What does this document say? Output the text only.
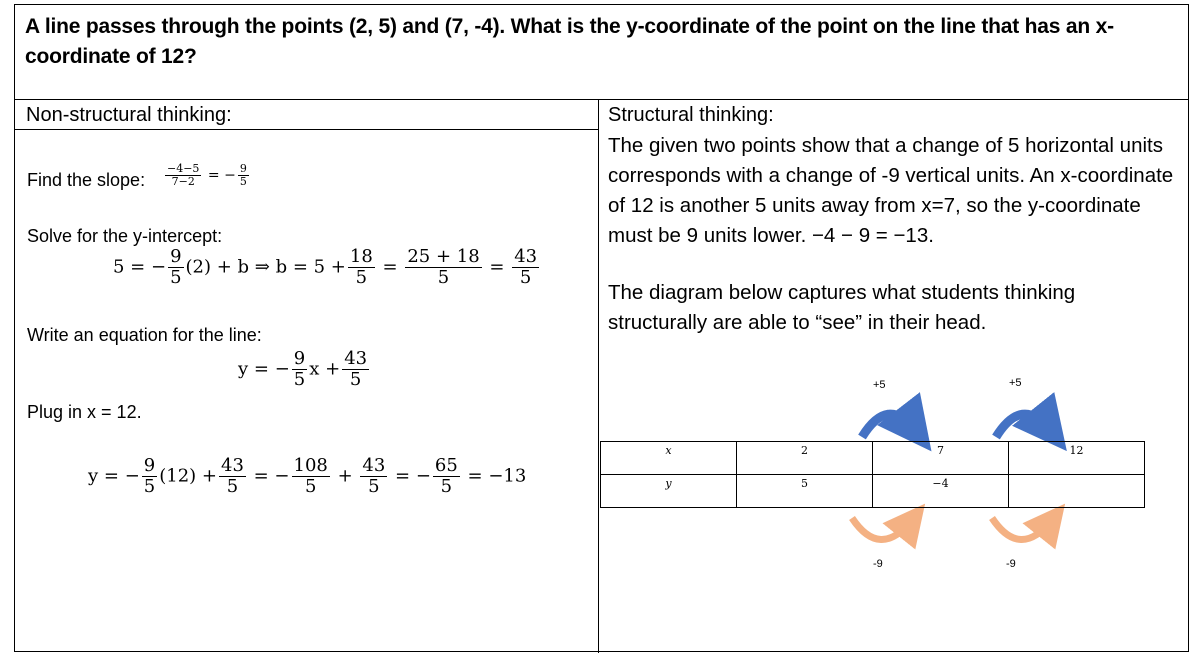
A line passes through the points (2, 5) and (7, -4). What is the y-coordinate of the point on the line that has an x-coordinate of 12?
Non-structural thinking:
Find the slope: $\frac{-4-5}{7-2}$ = − $\frac{9}{5}$
Solve for the y-intercept:
5 = − $\frac{9}{5} (2) + b$ ⇒ $b = 5 + \frac{18}{5} = \frac{25 + 18}{5} = \frac{43}{5}$
Write an equation for the line:
y = − $\frac{9}{5}$ $x + \frac{43}{5}$
Plug in x = 12.
y = − $\frac{9}{5} (12) + \frac{43}{5}$ = − $\frac{108}{5} + \frac{43}{5}$ = − $\frac{65}{5} = -13$
Structural thinking:
The given two points show that a change of 5 horizontal units corresponds with a change of -9 vertical units. An x-coordinate of 12 is another 5 units away from x=7, so the y-coordinate must be 9 units lower. −4 − 9 = −13.
The diagram below captures what students thinking structurally are able to “see” in their head.
+5	+5
-9	-9
x	2	7	12
y	5	−4	
